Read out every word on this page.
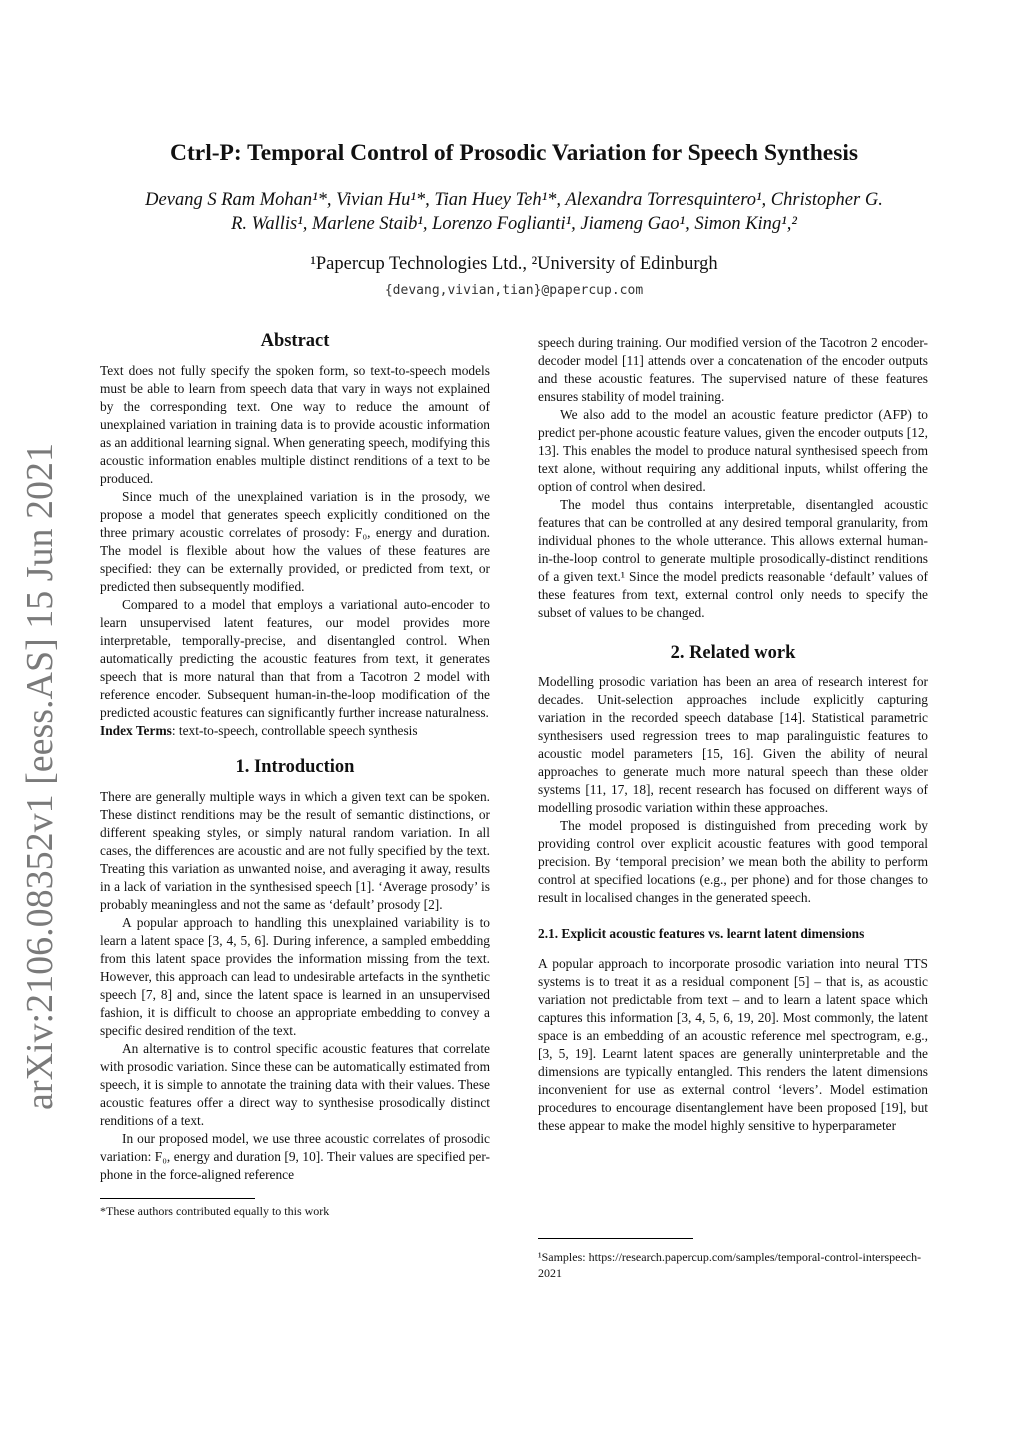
arXiv:2106.08352v1 [eess.AS] 15 Jun 2021
Ctrl-P: Temporal Control of Prosodic Variation for Speech Synthesis
Devang S Ram Mohan¹*, Vivian Hu¹*, Tian Huey Teh¹*, Alexandra Torresquintero¹, Christopher G.
R. Wallis¹, Marlene Staib¹, Lorenzo Foglianti¹, Jiameng Gao¹, Simon King¹,²
¹Papercup Technologies Ltd., ²University of Edinburgh
{devang,vivian,tian}@papercup.com
Abstract

Text does not fully specify the spoken form, so text-to-speech models must be able to learn from speech data that vary in ways not explained by the corresponding text. One way to reduce the amount of unexplained variation in training data is to provide acoustic information as an additional learning signal. When generating speech, modifying this acoustic information enables multiple distinct renditions of a text to be produced.

Since much of the unexplained variation is in the prosody, we propose a model that generates speech explicitly conditioned on the three primary acoustic correlates of prosody: F₀, energy and duration. The model is flexible about how the values of these features are specified: they can be externally provided, or predicted from text, or predicted then subsequently modified.

Compared to a model that employs a variational auto-encoder to learn unsupervised latent features, our model provides more interpretable, temporally-precise, and disentangled control. When automatically predicting the acoustic features from text, it generates speech that is more natural than that from a Tacotron 2 model with reference encoder. Subsequent human-in-the-loop modification of the predicted acoustic features can significantly further increase naturalness.

Index Terms: text-to-speech, controllable speech synthesis

1. Introduction

There are generally multiple ways in which a given text can be spoken. These distinct renditions may be the result of semantic distinctions, or different speaking styles, or simply natural random variation. In all cases, the differences are acoustic and are not fully specified by the text. Treating this variation as unwanted noise, and averaging it away, results in a lack of variation in the synthesised speech [1]. ‘Average prosody’ is probably meaningless and not the same as ‘default’ prosody [2].

A popular approach to handling this unexplained variability is to learn a latent space [3, 4, 5, 6]. During inference, a sampled embedding from this latent space provides the information missing from the text. However, this approach can lead to undesirable artefacts in the synthetic speech [7, 8] and, since the latent space is learned in an unsupervised fashion, it is difficult to choose an appropriate embedding to convey a specific desired rendition of the text.

An alternative is to control specific acoustic features that correlate with prosodic variation. Since these can be automatically estimated from speech, it is simple to annotate the training data with their values. These acoustic features offer a direct way to synthesise prosodically distinct renditions of a text.

In our proposed model, we use three acoustic correlates of prosodic variation: F₀, energy and duration [9, 10]. Their values are specified per-phone in the force-aligned reference

*These authors contributed equally to this work

speech during training. Our modified version of the Tacotron 2 encoder-decoder model [11] attends over a concatenation of the encoder outputs and these acoustic features. The supervised nature of these features ensures stability of model training.

We also add to the model an acoustic feature predictor (AFP) to predict per-phone acoustic feature values, given the encoder outputs [12, 13]. This enables the model to produce natural synthesised speech from text alone, without requiring any additional inputs, whilst offering the option of control when desired.

The model thus contains interpretable, disentangled acoustic features that can be controlled at any desired temporal granularity, from individual phones to the whole utterance. This allows external human-in-the-loop control to generate multiple prosodically-distinct renditions of a given text.¹ Since the model predicts reasonable ‘default’ values of these features from text, external control only needs to specify the subset of values to be changed.

2. Related work

Modelling prosodic variation has been an area of research interest for decades. Unit-selection approaches include explicitly capturing variation in the recorded speech database [14]. Statistical parametric synthesisers used regression trees to map paralinguistic features to acoustic model parameters [15, 16]. Given the ability of neural approaches to generate much more natural speech than these older systems [11, 17, 18], recent research has focused on different ways of modelling prosodic variation within these approaches.

The model proposed is distinguished from preceding work by providing control over explicit acoustic features with good temporal precision. By ‘temporal precision’ we mean both the ability to perform control at specified locations (e.g., per phone) and for those changes to result in localised changes in the generated speech.

2.1. Explicit acoustic features vs. learnt latent dimensions

A popular approach to incorporate prosodic variation into neural TTS systems is to treat it as a residual component [5] – that is, as acoustic variation not predictable from text – and to learn a latent space which captures this information [3, 4, 5, 6, 19, 20]. Most commonly, the latent space is an embedding of an acoustic reference mel spectrogram, e.g., [3, 5, 19]. Learnt latent spaces are generally uninterpretable and the dimensions are typically entangled. This renders the latent dimensions inconvenient for use as external control ‘levers’. Model estimation procedures to encourage disentanglement have been proposed [19], but these appear to make the model highly sensitive to hyperparameter

¹Samples: https://research.papercup.com/samples/temporal-control-interspeech-2021
